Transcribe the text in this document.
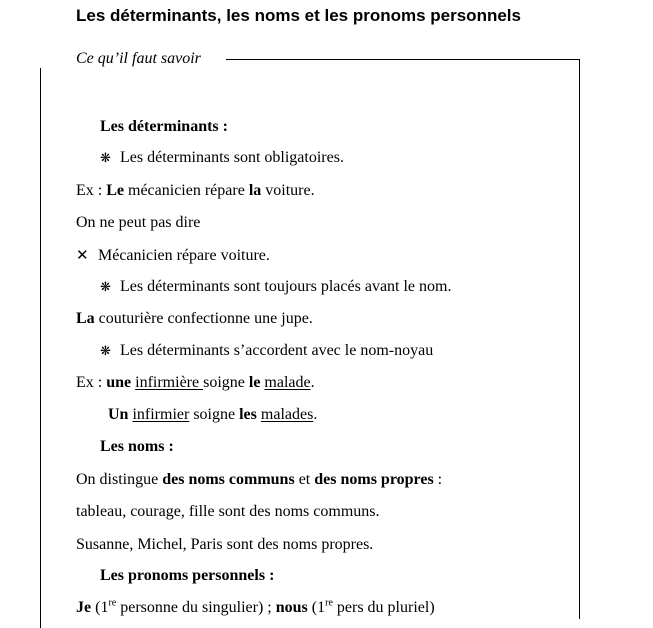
Les déterminants, les noms et les pronoms personnels
Ce qu’il faut savoir
Les déterminants :
❋ Les déterminants sont obligatoires.
Ex : Le mécanicien répare la voiture.
On ne peut pas dire
✕ Mécanicien répare voiture.
❋ Les déterminants sont toujours placés avant le nom.
La couturière confectionne une jupe.
❋ Les déterminants s’accordent avec le nom-noyau
Ex : une infirmière soigne le malade.
Un infirmier soigne les malades.
Les noms :
On distingue des noms communs et des noms propres :
tableau, courage, fille sont des noms communs.
Susanne, Michel, Paris sont des noms propres.
Les pronoms personnels :
Je (1re personne du singulier) ; nous (1re pers du pluriel)
